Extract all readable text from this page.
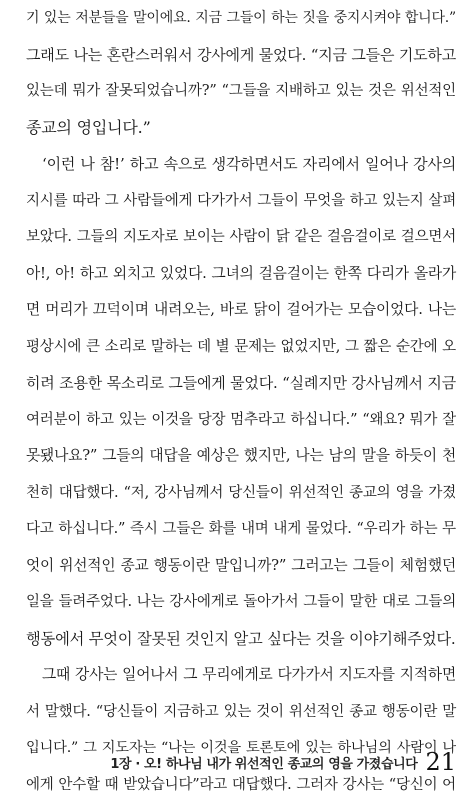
기 있는 저분들을 말이에요. 지금 그들이 하는 짓을 중지시켜야 합니다.”
그래도 나는 혼란스러워서 강사에게 물었다. “지금 그들은 기도하고
있는데 뭐가 잘못되었습니까?” “그들을 지배하고 있는 것은 위선적인
종교의 영입니다.”
‘이런 나 참!’ 하고 속으로 생각하면서도 자리에서 일어나 강사의
지시를 따라 그 사람들에게 다가가서 그들이 무엇을 하고 있는지 살펴
보았다. 그들의 지도자로 보이는 사람이 닭 같은 걸음걸이로 걸으면서
아!, 아! 하고 외치고 있었다. 그녀의 걸음걸이는 한쪽 다리가 올라가
면 머리가 끄덕이며 내려오는, 바로 닭이 걸어가는 모습이었다. 나는
평상시에 큰 소리로 말하는 데 별 문제는 없었지만, 그 짧은 순간에 오
히려 조용한 목소리로 그들에게 물었다. “실례지만 강사님께서 지금
여러분이 하고 있는 이것을 당장 멈추라고 하십니다.” “왜요? 뭐가 잘
못됐나요?” 그들의 대답을 예상은 했지만, 나는 남의 말을 하듯이 천
천히 대답했다. “저, 강사님께서 당신들이 위선적인 종교의 영을 가졌
다고 하십니다.” 즉시 그들은 화를 내며 내게 물었다. “우리가 하는 무
엇이 위선적인 종교 행동이란 말입니까?” 그러고는 그들이 체험했던
일을 들려주었다. 나는 강사에게로 돌아가서 그들이 말한 대로 그들의
행동에서 무엇이 잘못된 것인지 알고 싶다는 것을 이야기해주었다.
그때 강사는 일어나서 그 무리에게로 다가가서 지도자를 지적하면
서 말했다. “당신들이 지금하고 있는 것이 위선적인 종교 행동이란 말
입니다.” 그 지도자는 “나는 이것을 토론토에 있는 하나님의 사람이 나
에게 안수할 때 받았습니다”라고 대답했다. 그러자 강사는 “당신이 어
1장 · 오! 하나님 내가 위선적인 종교의 영을 가졌습니다 21
